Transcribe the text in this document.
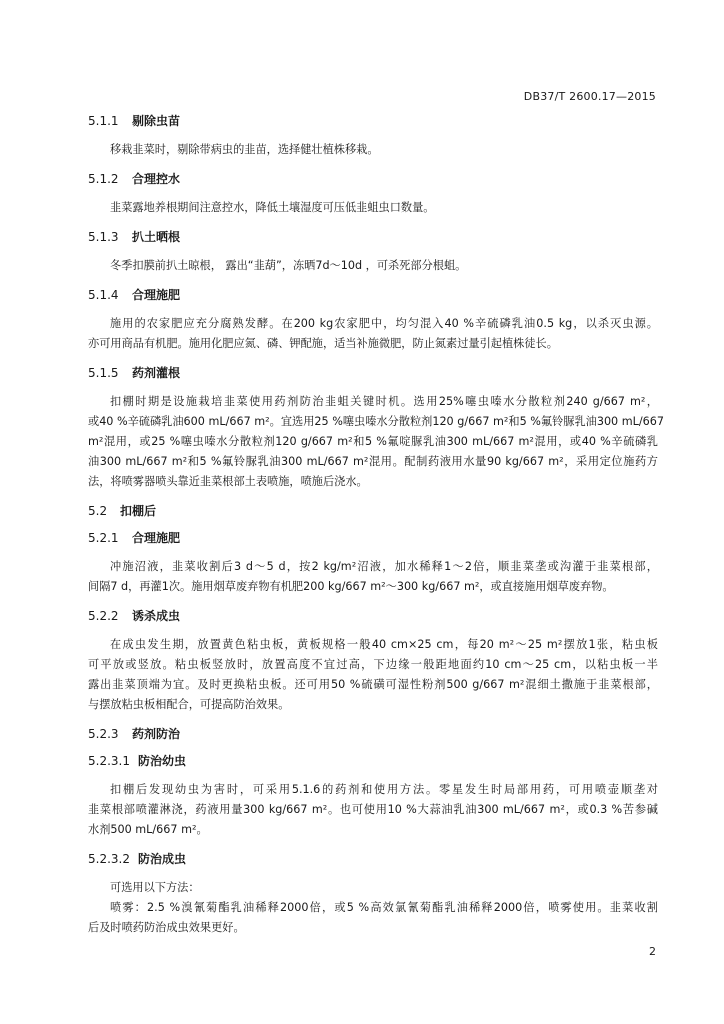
DB37/T 2600.17—2015
5.1.1 剔除虫苗
移栽韭菜时，剔除带病虫的韭苗，选择健壮植株移栽。
5.1.2 合理控水
韭菜露地养根期间注意控水，降低土壤湿度可压低韭蛆虫口数量。
5.1.3 扒土晒根
冬季扣膜前扒土晾根， 露出“韭葫”，冻晒7d～10d ，可杀死部分根蛆。
5.1.4 合理施肥
施用的农家肥应充分腐熟发酵。在200 kg农家肥中，均匀混入40 %辛硫磷乳油0.5 kg，以杀灭虫源。
亦可用商品有机肥。施用化肥应氮、磷、钾配施，适当补施微肥，防止氮素过量引起植株徒长。
5.1.5 药剂灌根
扣棚时期是设施栽培韭菜使用药剂防治韭蛆关键时机。选用25%噻虫嗪水分散粒剂240 g/667 m²，
或40 %辛硫磷乳油600 mL/667 m²。宜选用25 %噻虫嗪水分散粒剂120 g/667 m²和5 %氟铃脲乳油300 mL/667
m²混用，或25 %噻虫嗪水分散粒剂120 g/667 m²和5 %氟啶脲乳油300 mL/667 m²混用，或40 %辛硫磷乳
油300 mL/667 m²和5 %氟铃脲乳油300 mL/667 m²混用。配制药液用水量90 kg/667 m²，采用定位施药方
法，将喷雾器喷头靠近韭菜根部土表喷施，喷施后浇水。
5.2 扣棚后
5.2.1 合理施肥
冲施沼液，韭菜收割后3 d～5 d，按2 kg/m²沼液，加水稀释1～2倍，顺韭菜垄或沟灌于韭菜根部，
间隔7 d，再灌1次。施用烟草废弃物有机肥200 kg/667 m²～300 kg/667 m²，或直接施用烟草废弃物。
5.2.2 诱杀成虫
在成虫发生期，放置黄色粘虫板，黄板规格一般40 cm×25 cm，每20 m²～25 m²摆放1张，粘虫板
可平放或竖放。粘虫板竖放时，放置高度不宜过高，下边缘一般距地面约10 cm～25 cm，以粘虫板一半
露出韭菜顶端为宜。及时更换粘虫板。还可用50 %硫磺可湿性粉剂500 g/667 m²混细土撒施于韭菜根部，
与摆放粘虫板相配合，可提高防治效果。
5.2.3 药剂防治
5.2.3.1 防治幼虫
扣棚后发现幼虫为害时，可采用5.1.6的药剂和使用方法。零星发生时局部用药，可用喷壶顺垄对
韭菜根部喷灌淋浇，药液用量300 kg/667 m²。也可使用10 %大蒜油乳油300 mL/667 m²，或0.3 %苦参碱
水剂500 mL/667 m²。
5.2.3.2 防治成虫
可选用以下方法：
喷雾：2.5 %溴氰菊酯乳油稀释2000倍，或5 %高效氯氰菊酯乳油稀释2000倍，喷雾使用。韭菜收割
后及时喷药防治成虫效果更好。
2
